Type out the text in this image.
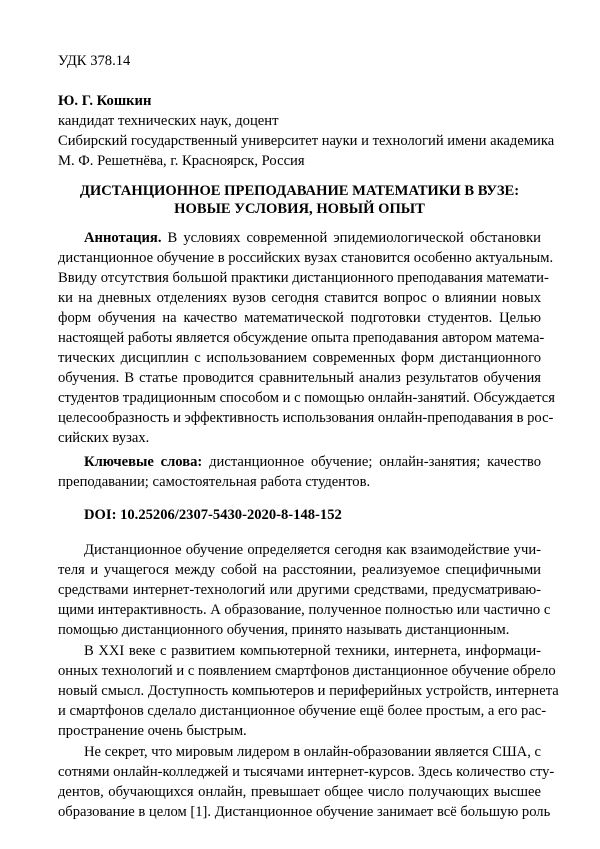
УДК 378.14
Ю. Г. Кошкин
кандидат технических наук, доцент
Сибирский государственный университет науки и технологий имени академика
М. Ф. Решетнёва, г. Красноярск, Россия
ДИСТАНЦИОННОЕ ПРЕПОДАВАНИЕ МАТЕМАТИКИ В ВУЗЕ:
НОВЫЕ УСЛОВИЯ, НОВЫЙ ОПЫТ
Аннотация. В условиях современной эпидемиологической обстановки
дистанционное обучение в российских вузах становится особенно актуальным.
Ввиду отсутствия большой практики дистанционного преподавания математи-
ки на дневных отделениях вузов сегодня ставится вопрос о влиянии новых
форм обучения на качество математической подготовки студентов. Целью
настоящей работы является обсуждение опыта преподавания автором матема-
тических дисциплин с использованием современных форм дистанционного
обучения. В статье проводится сравнительный анализ результатов обучения
студентов традиционным способом и с помощью онлайн-занятий. Обсуждается
целесообразность и эффективность использования онлайн-преподавания в рос-
сийских вузах.
Ключевые слова: дистанционное обучение; онлайн-занятия; качество
преподавании; самостоятельная работа студентов.
DOI: 10.25206/2307-5430-2020-8-148-152
Дистанционное обучение определяется сегодня как взаимодействие учи-
теля и учащегося между собой на расстоянии, реализуемое специфичными
средствами интернет-технологий или другими средствами, предусматриваю-
щими интерактивность. А образование, полученное полностью или частично с
помощью дистанционного обучения, принято называть дистанционным.
В XXI веке с развитием компьютерной техники, интернета, информаци-
онных технологий и с появлением смартфонов дистанционное обучение обрело
новый смысл. Доступность компьютеров и периферийных устройств, интернета
и смартфонов сделало дистанционное обучение ещё более простым, а его рас-
пространение очень быстрым.
Не секрет, что мировым лидером в онлайн-образовании является США, с
сотнями онлайн-колледжей и тысячами интернет-курсов. Здесь количество сту-
дентов, обучающихся онлайн, превышает общее число получающих высшее
образование в целом [1]. Дистанционное обучение занимает всё большую роль
